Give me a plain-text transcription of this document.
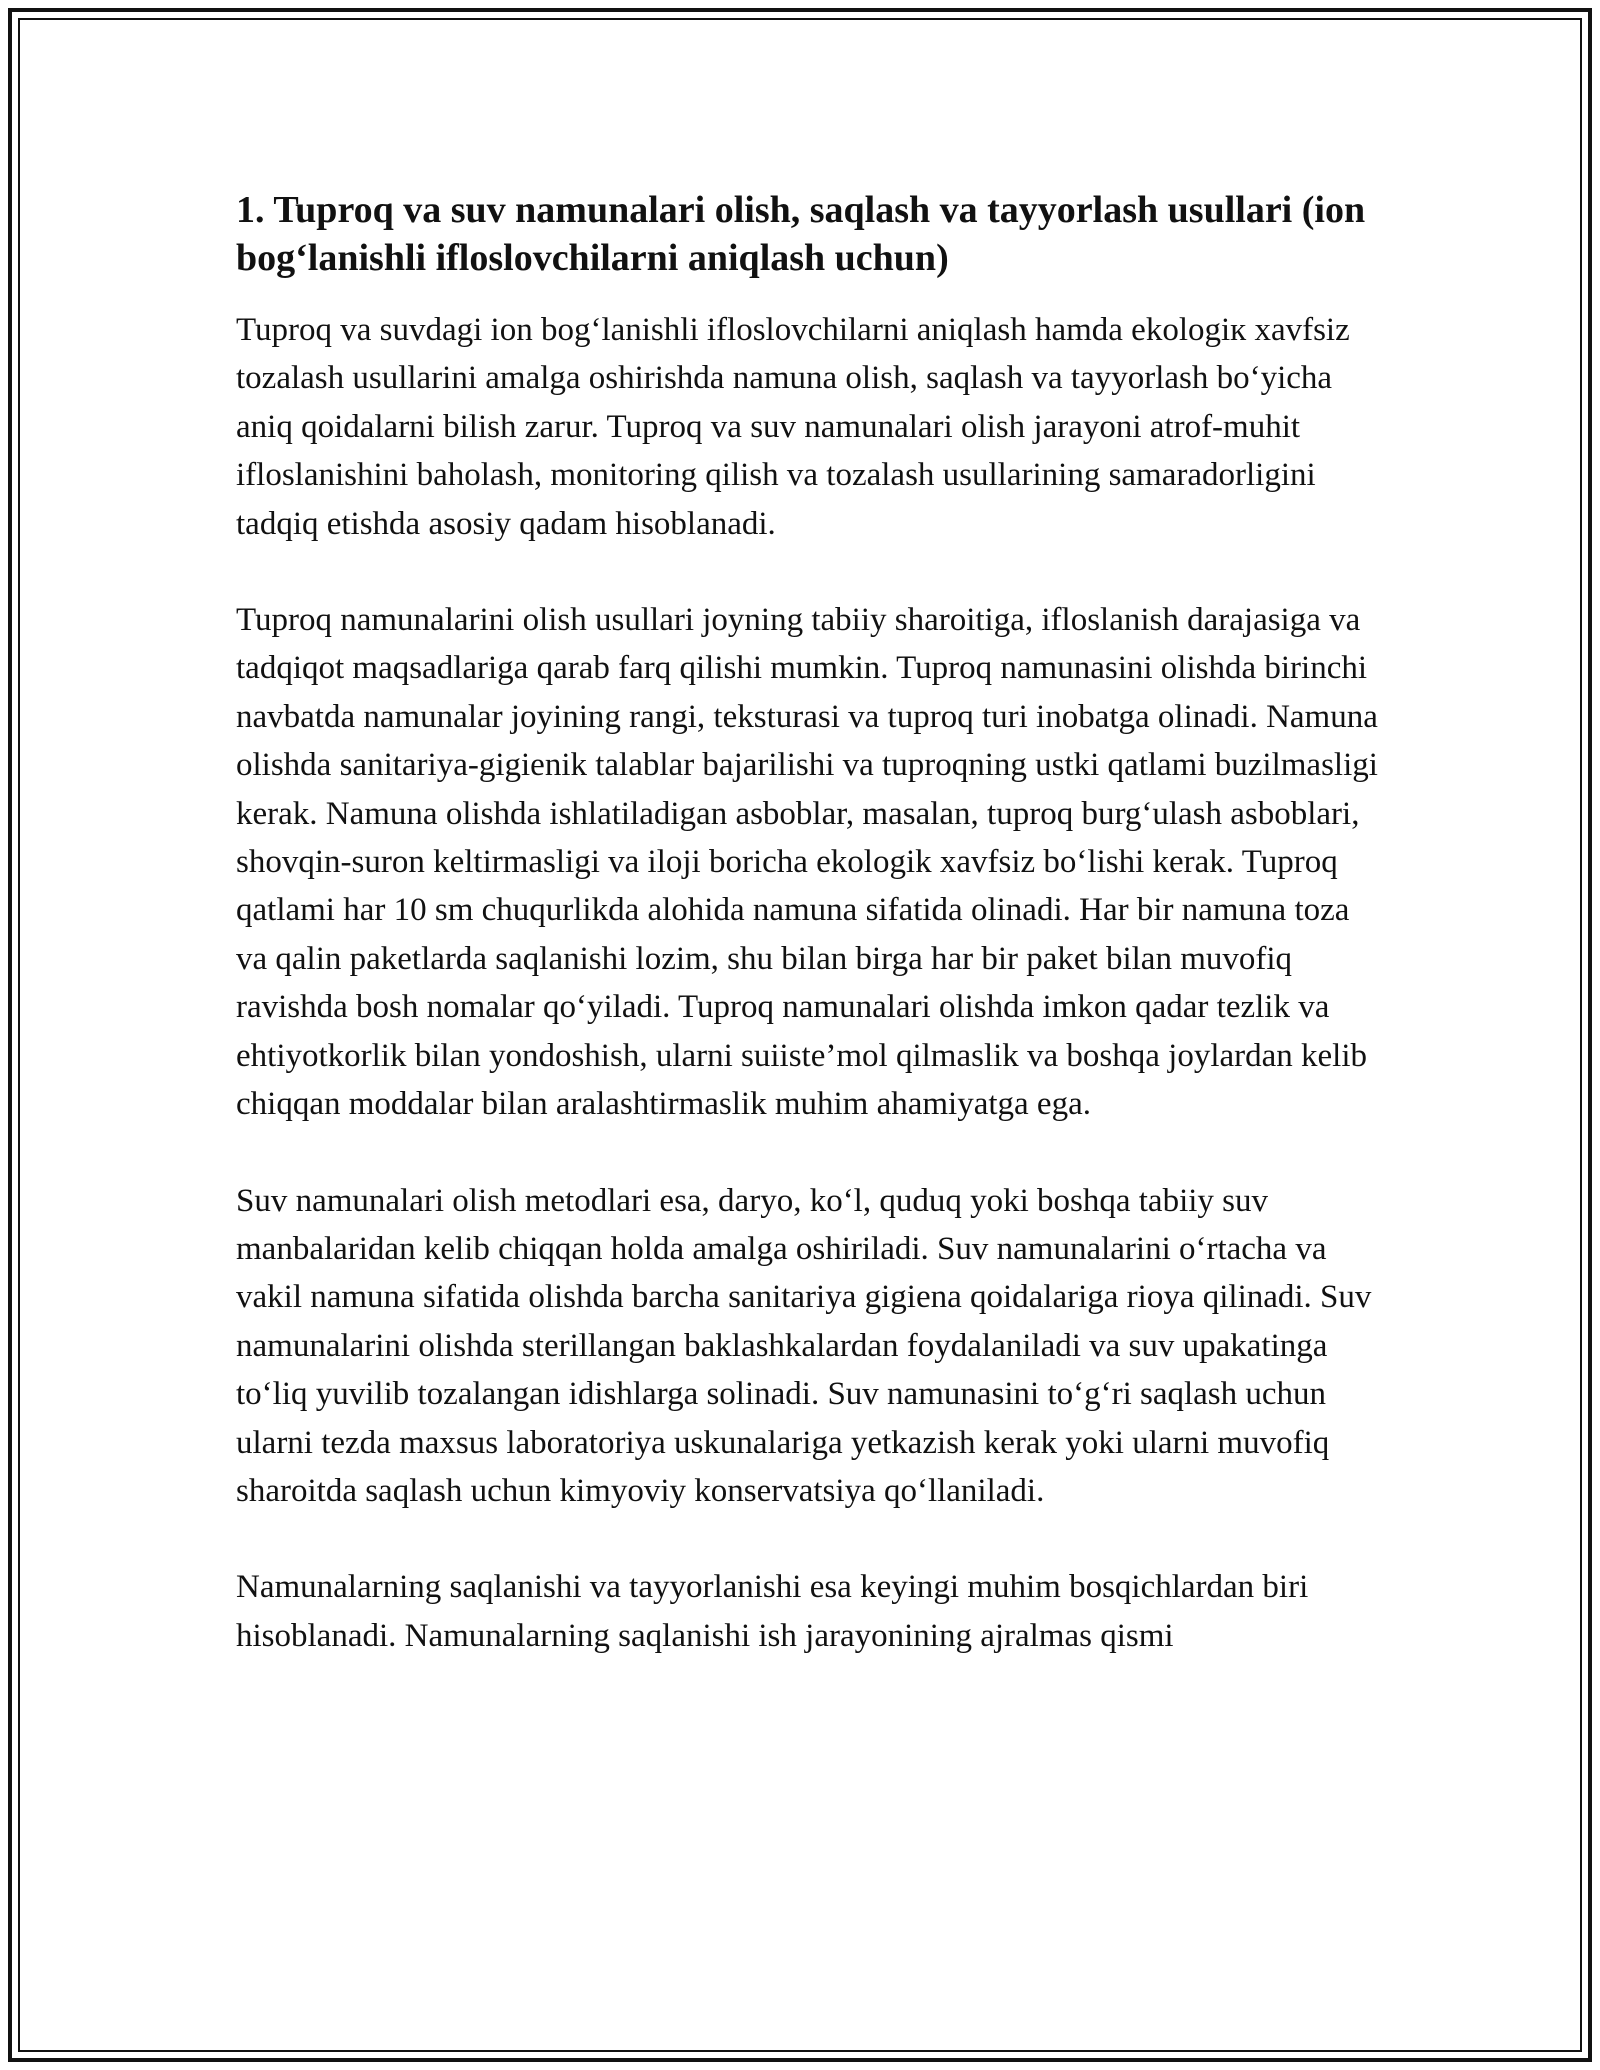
1. Tuproq va suv namunalari olish, saqlash va tayyorlash usullari (ion bog‘lanishli ifloslovchilarni aniqlash uchun)

Tuproq va suvdagi ion bog‘lanishli ifloslovchilarni aniqlash hamda ekologiк xavfsiz tozalash usullarini amalga oshirishda namuna olish, saqlash va tayyorlash bo‘yicha aniq qoidalarni bilish zarur. Tuproq va suv namunalari olish jarayoni atrof-muhit ifloslanishini baholash, monitoring qilish va tozalash usullarining samaradorligini tadqiq etishda asosiy qadam hisoblanadi.

Tuproq namunalarini olish usullari joyning tabiiy sharoitiga, ifloslanish darajasiga va tadqiqot maqsadlariga qarab farq qilishi mumkin. Tuproq namunasini olishda birinchi navbatda namunalar joyining rangi, teksturasi va tuproq turi inobatga olinadi. Namuna olishda sanitariya-gigienik talablar bajarilishi va tuproqning ustki qatlami buzilmasligi kerak. Namuna olishda ishlatiladigan asboblar, masalan, tuproq burg‘ulash asboblari, shovqin-suron keltirmasligi va iloji boricha ekologik xavfsiz bo‘lishi kerak. Tuproq qatlami har 10 sm chuqurlikda alohida namuna sifatida olinadi. Har bir namuna toza va qalin paketlarda saqlanishi lozim, shu bilan birga har bir paket bilan muvofiq ravishda bosh nomalar qo‘yiladi. Tuproq namunalari olishda imkon qadar tezlik va ehtiyotkorlik bilan yondoshish, ularni suiiste’mol qilmaslik va boshqa joylardan kelib chiqqan moddalar bilan aralashtirmaslik muhim ahamiyatga ega.

Suv namunalari olish metodlari esa, daryo, ko‘l, quduq yoki boshqa tabiiy suv manbalaridan kelib chiqqan holda amalga oshiriladi. Suv namunalarini o‘rtacha va vakil namuna sifatida olishda barcha sanitariya gigiena qoidalariga rioya qilinadi. Suv namunalarini olishda sterillangan baklashkalardan foydalaniladi va suv upakatinga to‘liq yuvilib tozalangan idishlarga solinadi. Suv namunasini to‘g‘ri saqlash uchun ularni tezda maxsus laboratoriya uskunalariga yetkazish kerak yoki ularni muvofiq sharoitda saqlash uchun kimyoviy konservatsiya qo‘llaniladi.

Namunalarning saqlanishi va tayyorlanishi esa keyingi muhim bosqichlardan biri hisoblanadi. Namunalarning saqlanishi ish jarayonining ajralmas qismi
